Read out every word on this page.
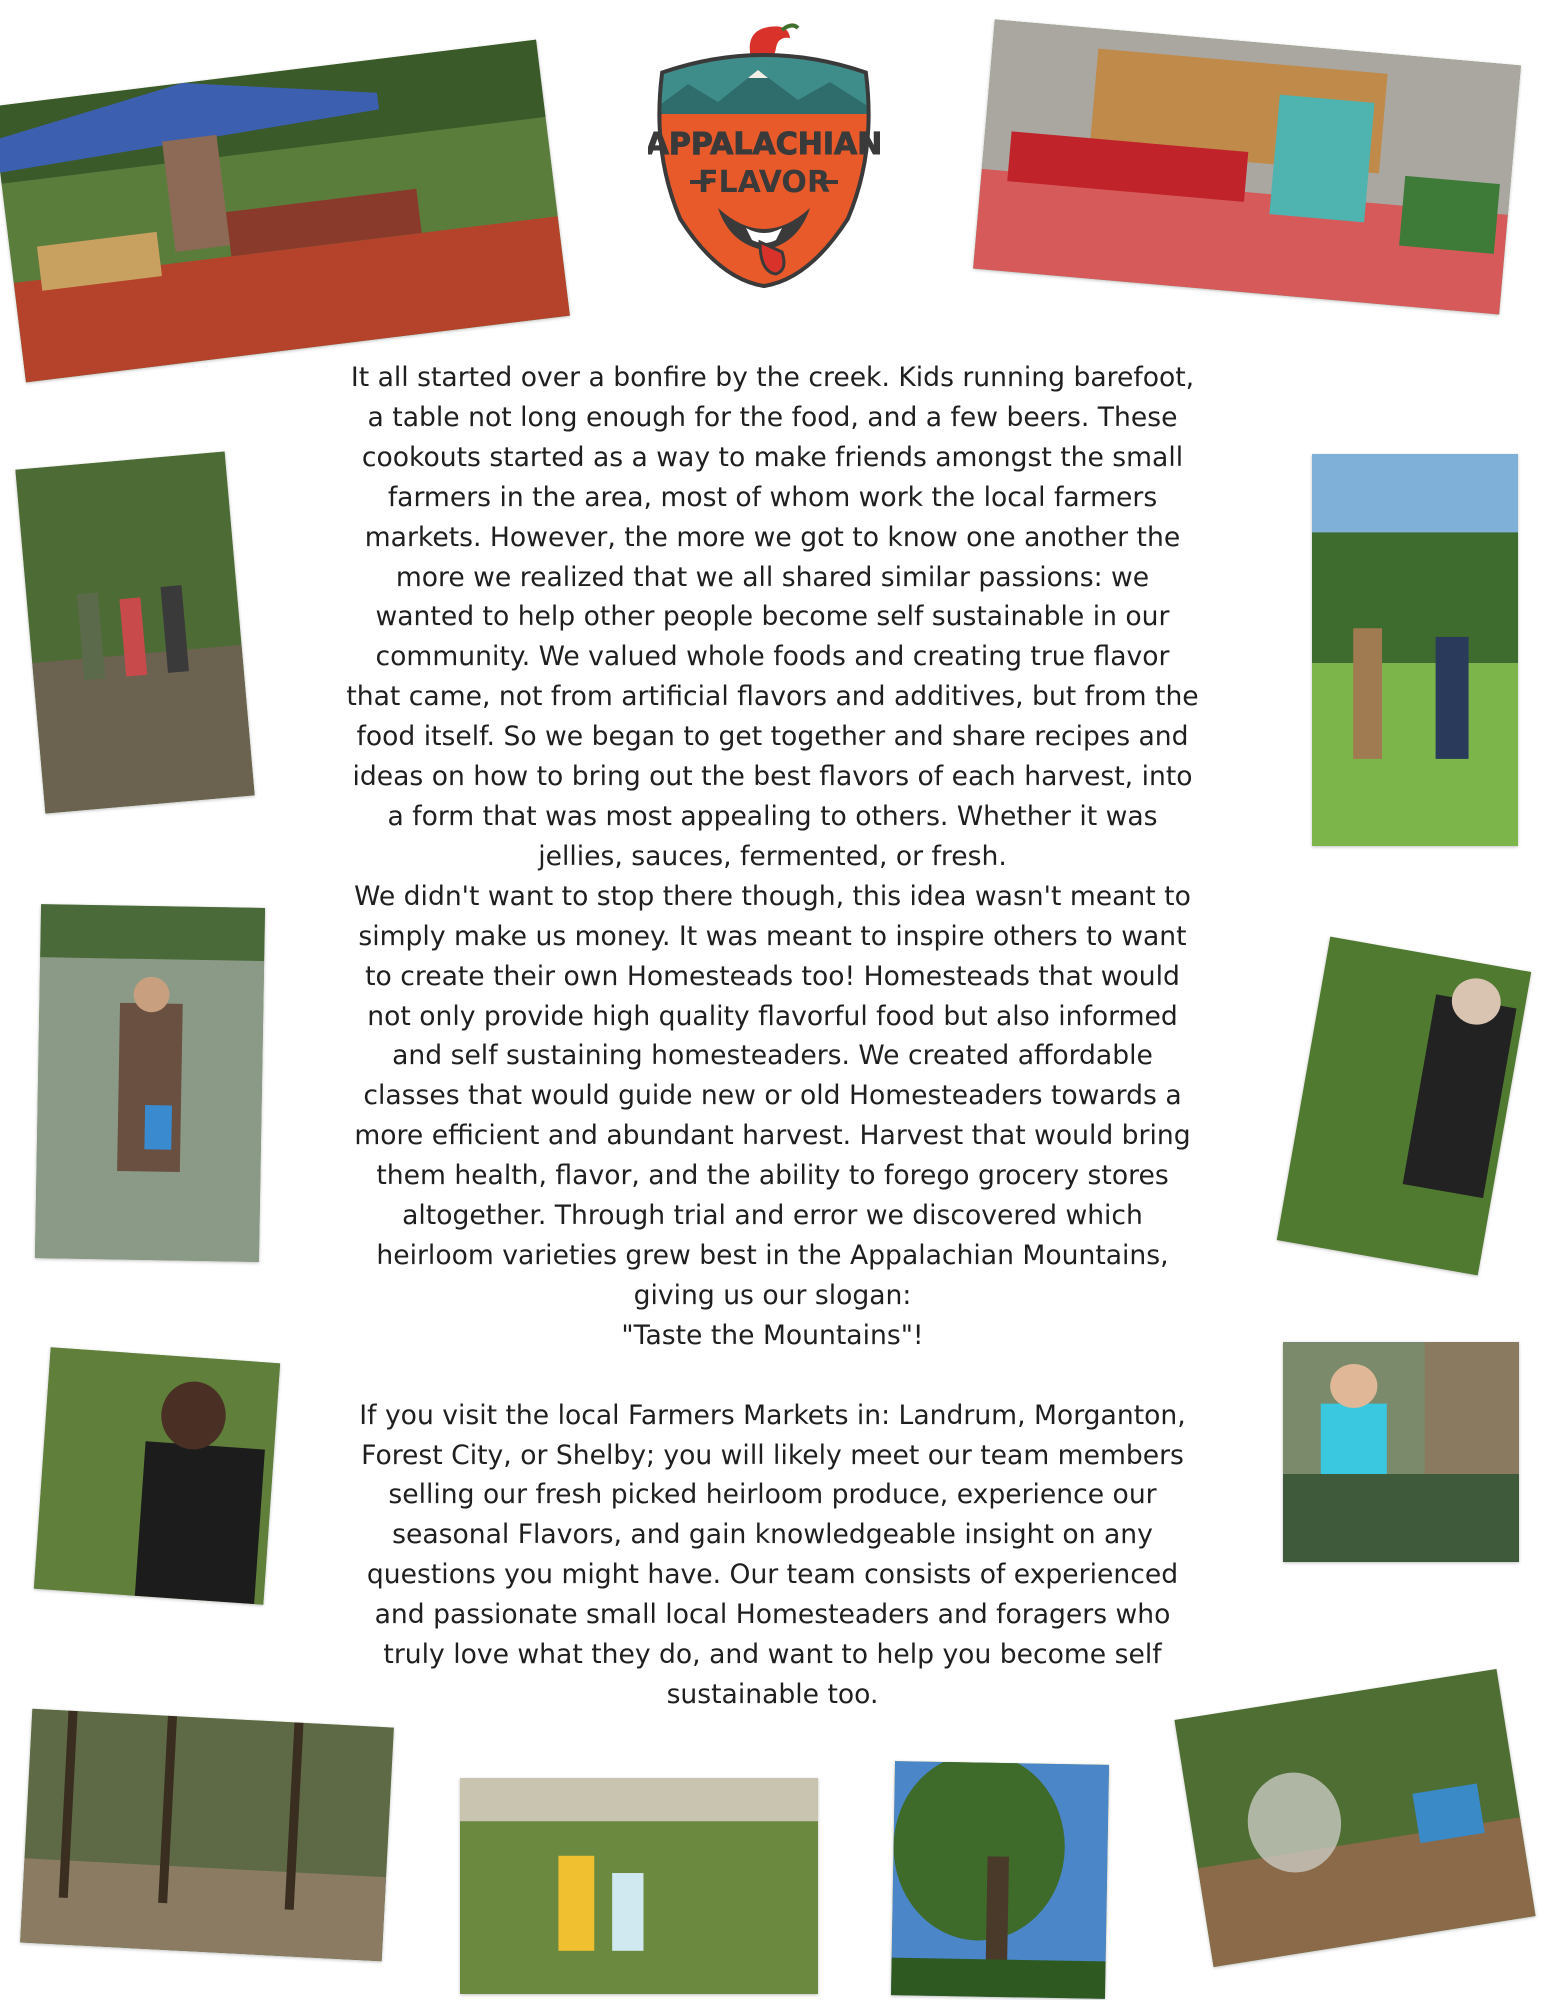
APPALACHIAN
FLAVOR

It all started over a bonfire by the creek. Kids running barefoot, a table not long enough for the food, and a few beers. These cookouts started as a way to make friends amongst the small farmers in the area, most of whom work the local farmers markets. However, the more we got to know one another the more we realized that we all shared similar passions: we wanted to help other people become self sustainable in our community. We valued whole foods and creating true flavor that came, not from artificial flavors and additives, but from the food itself. So we began to get together and share recipes and ideas on how to bring out the best flavors of each harvest, into a form that was most appealing to others. Whether it was jellies, sauces, fermented, or fresh.

We didn't want to stop there though, this idea wasn't meant to simply make us money. It was meant to inspire others to want to create their own Homesteads too! Homesteads that would not only provide high quality flavorful food but also informed and self sustaining homesteaders. We created affordable classes that would guide new or old Homesteaders towards a more efficient and abundant harvest. Harvest that would bring them health, flavor, and the ability to forego grocery stores altogether. Through trial and error we discovered which heirloom varieties grew best in the Appalachian Mountains, giving us our slogan:

"Taste the Mountains"!

If you visit the local Farmers Markets in: Landrum, Morganton, Forest City, or Shelby; you will likely meet our team members selling our fresh picked heirloom produce, experience our seasonal Flavors, and gain knowledgeable insight on any questions you might have. Our team consists of experienced and passionate small local Homesteaders and foragers who truly love what they do, and want to help you become self sustainable too.
